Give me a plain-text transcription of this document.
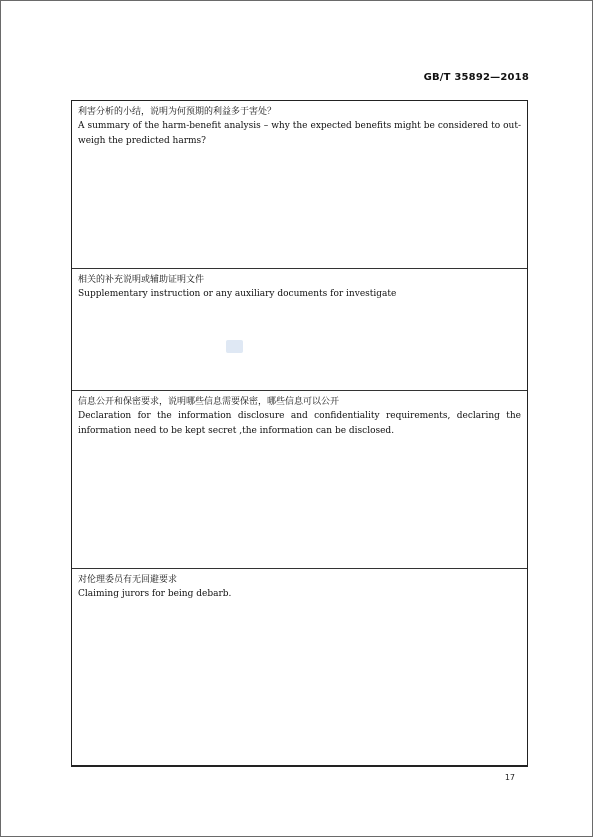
GB/T 35892—2018
利害分析的小结，说明为何预期的利益多于害处？
A summary of the harm-benefit analysis – why the expected benefits might be considered to out-weigh the predicted harms?
相关的补充说明或辅助证明文件
Supplementary instruction or any auxiliary documents for investigate
信息公开和保密要求，说明哪些信息需要保密，哪些信息可以公开
Declaration for the information disclosure and confidentiality requirements, declaring the information need to be kept secret ,the information can be disclosed.
对伦理委员有无回避要求
Claiming jurors for being debarb.
17
